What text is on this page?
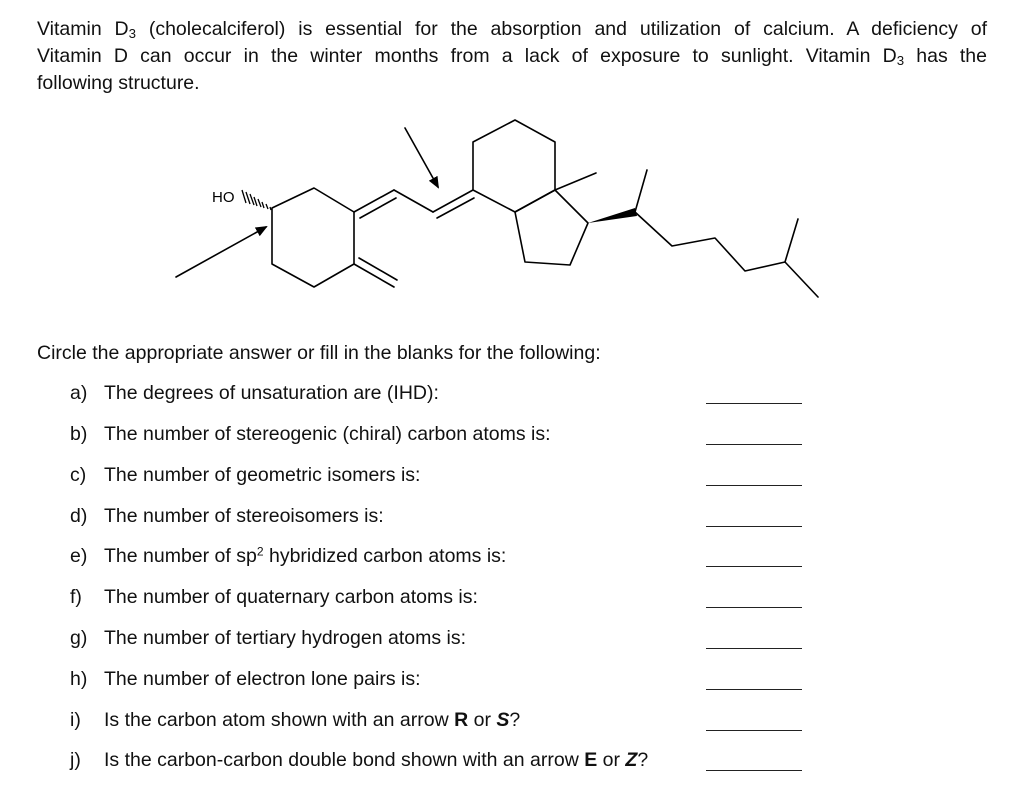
Vitamin $D_3$ (cholecalciferol) is essential for the absorption and utilization of calcium. A deficiency of
Vitamin D can occur in the winter months from a lack of exposure to sunlight. Vitamin $D_3$ has the
following structure.
HO
Circle the appropriate answer or fill in the blanks for the following:
a) The degrees of unsaturation are (IHD):
b) The number of stereogenic (chiral) carbon atoms is:
c) The number of geometric isomers is:
d) The number of stereoisomers is:
e) The number of $sp^2$ hybridized carbon atoms is:
f) The number of quaternary carbon atoms is:
g) The number of tertiary hydrogen atoms is:
h) The number of electron lone pairs is:
i) Is the carbon atom shown with an arrow R or S?
j) Is the carbon-carbon double bond shown with an arrow E or Z?
